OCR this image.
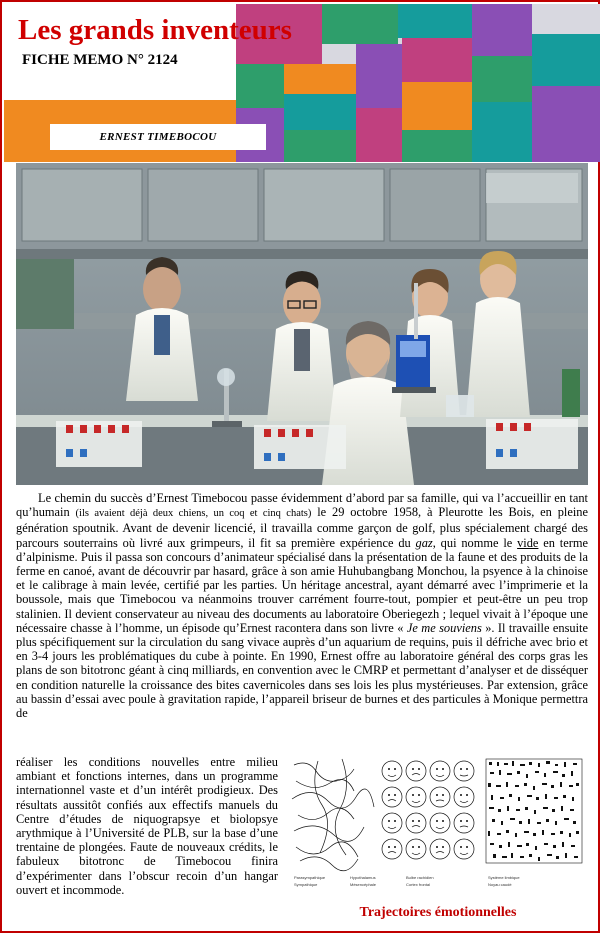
Les grands inventeurs
FICHE MEMO N° 2124
ERNEST TIMEBOCOU

Le chemin du succès d’Ernest Timebocou passe évidemment d’abord par sa famille, qui va l’accueillir en tant qu’humain (ils avaient déjà deux chiens, un coq et cinq chats) le 29 octobre 1958, à Pleurotte les Bois, en pleine génération spoutnik. Avant de devenir licencié, il travailla comme garçon de golf, plus spécialement chargé des parcours souterrains où livré aux grimpeurs, il fit sa première expérience du gaz, qui nomme le vide en terme d’alpinisme. Puis il passa son concours d’animateur spécialisé dans la présentation de la faune et des produits de la ferme en canoé, avant de découvrir par hasard, grâce à son amie Huhubangbang Monchou, la psyence à la chinoise et le calibrage à main levée, certifié par les parties. Un héritage ancestral, ayant démarré avec l’imprimerie et la boussole, mais que Timebocou va néanmoins trouver carrément fourre-tout, pompier et peut-être un peu trop stalinien. Il devient conservateur au niveau des documents au laboratoire Oberiegezh ; lequel vivait à l’époque une nécessaire chasse à l’homme, un épisode qu’Ernest racontera dans son livre « Je me souviens ». Il travaille ensuite plus spécifiquement sur la circulation du sang vivace auprès d’un aquarium de requins, puis il défriche avec brio et en 3-4 jours les problématiques du cube à pointe. En 1990, Ernest offre au laboratoire général des corps gras les plans de son bitotronc géant à cinq milliards, en convention avec le CMRP et permettant d’analyser et de disséquer en condition naturelle la croissance des bites cavernicoles dans ses lois les plus mystérieuses. Par extension, grâce au bassin d’essai avec poule à gravitation rapide, l’appareil briseur de burnes et des particules à Monique permettra de

réaliser les conditions nouvelles entre milieu ambiant et fonctions internes, dans un programme internationnel vaste et d’un intérêt prodigieux. Des résultats aussitôt confiés aux effectifs manuels du Centre d’études de niquograpsye et biolopsye arythmique à l’Université de PLB, sur la base d’une trentaine de plongées. Faute de nouveaux crédits, le fabuleux bitotronc de Timebocou finira d’expérimenter dans l’obscur recoin d’un hangar ouvert et incommode.

Parasympathique
Sympathique
Hypothalamus
Mésencéphale
Bulbe rachidien
Cortex frontal
Système limbique
Noyau caudé
Trajectoires émotionnelles
